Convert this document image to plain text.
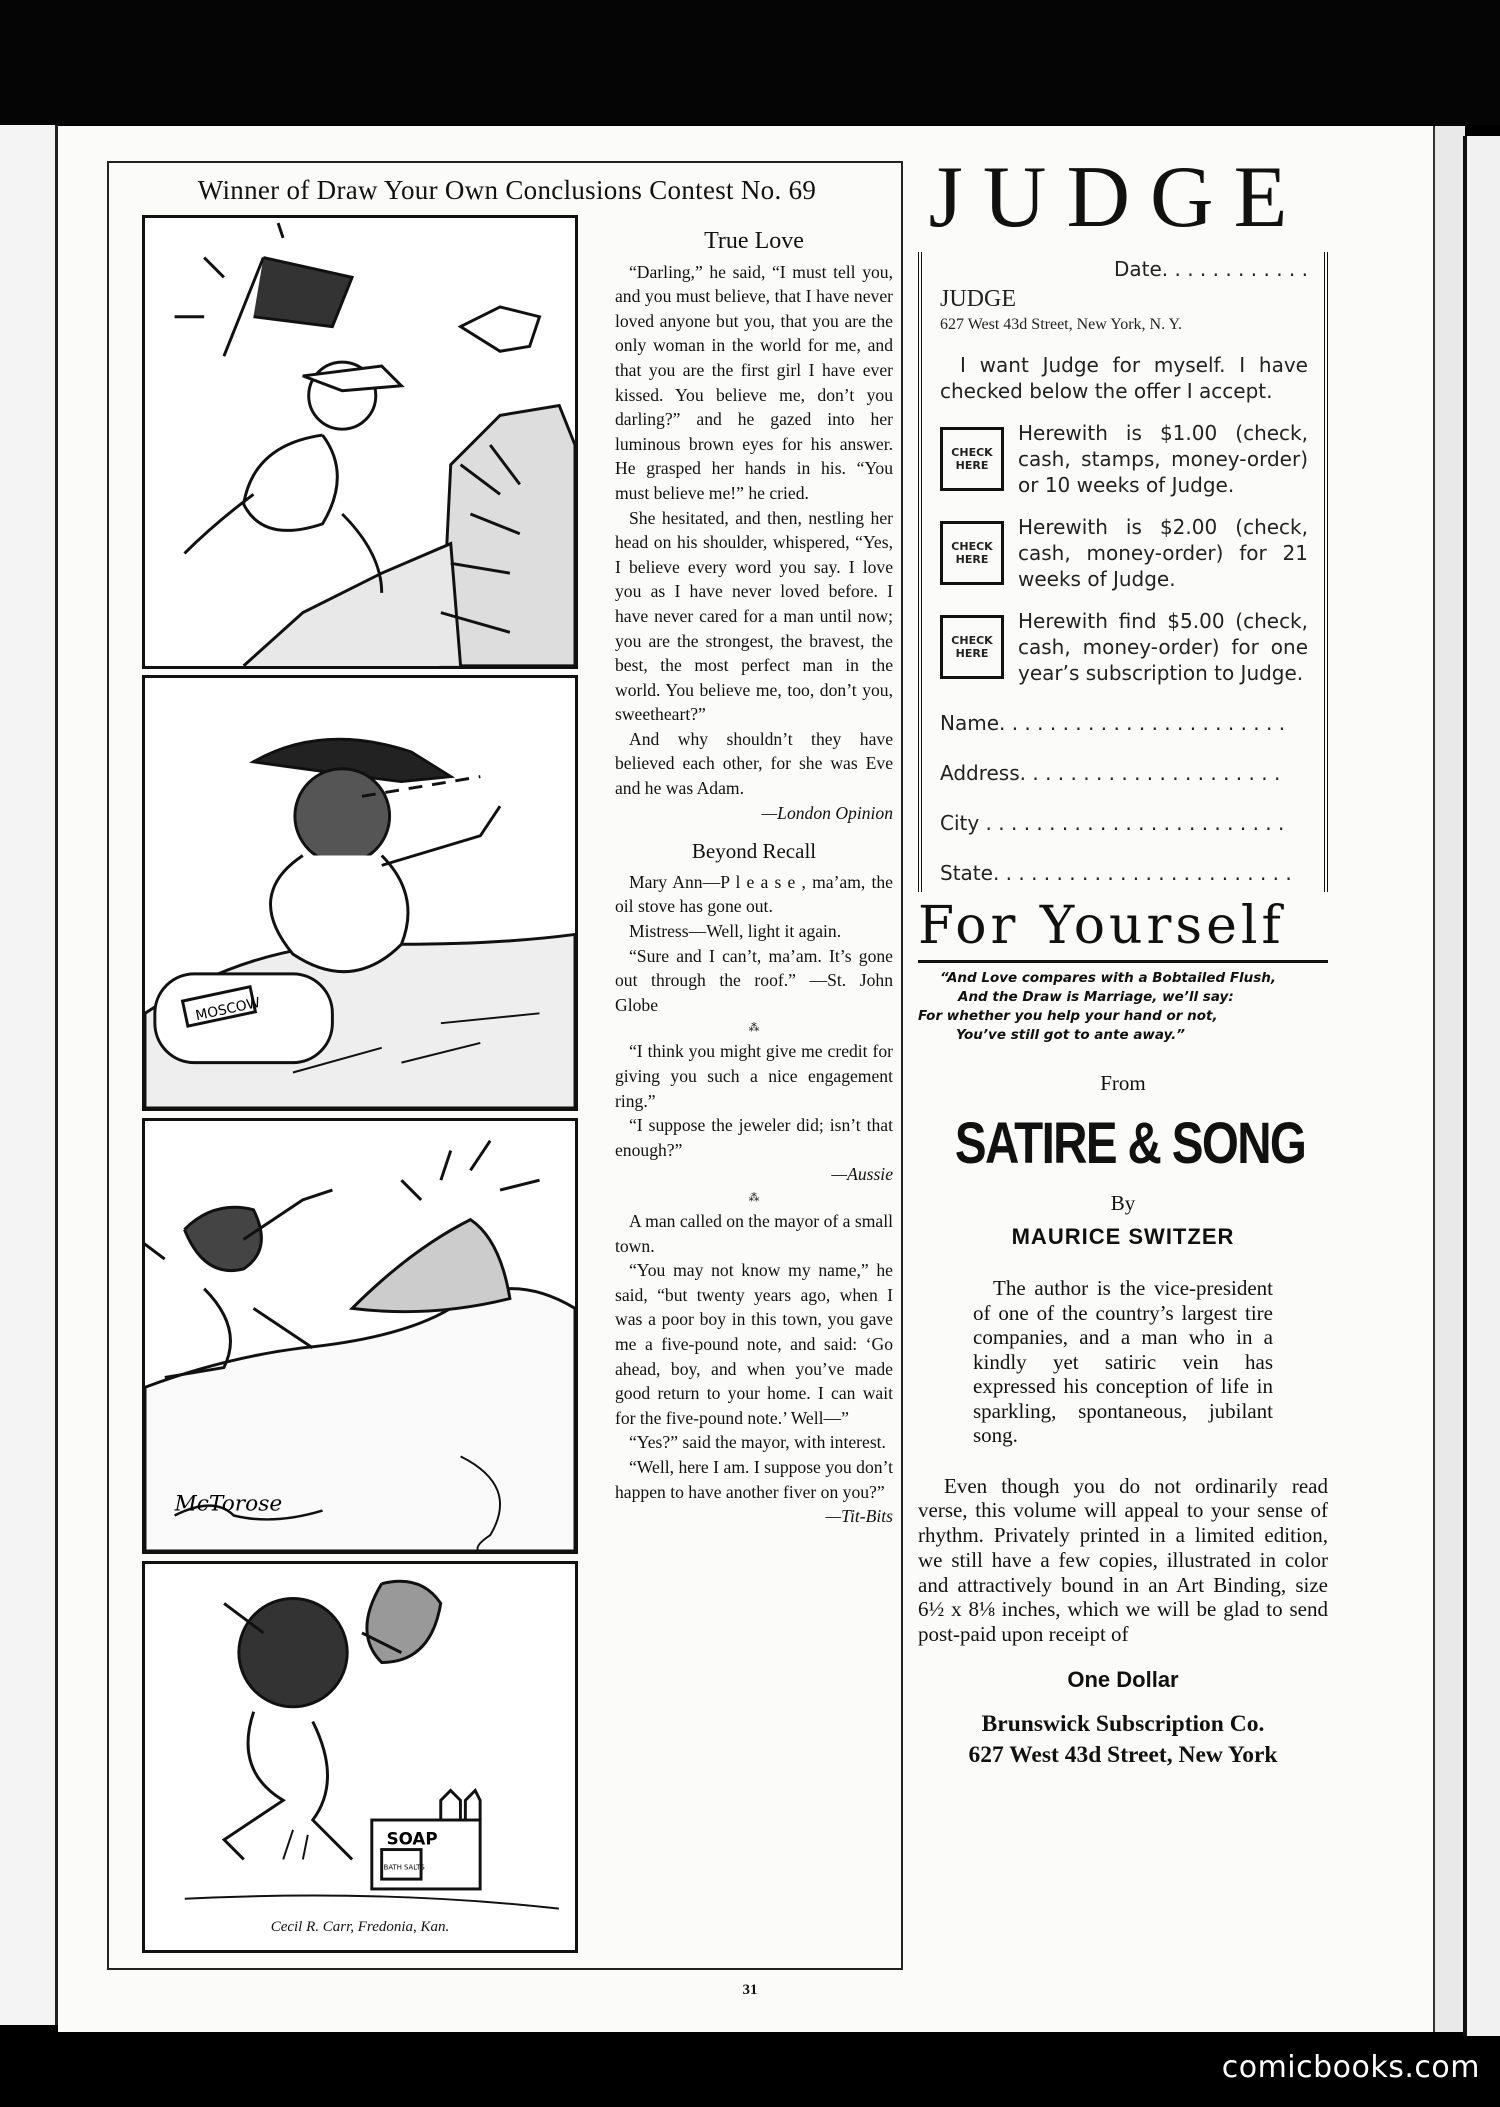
Winner of Draw Your Own Conclusions Contest No. 69
MOSCOW
McTorose
SOAP
BATH SALTS
Cecil R. Carr, Fredonia, Kan.

True Love

“Darling,” he said, “I must tell you, and you must believe, that I have never loved anyone but you, that you are the only woman in the world for me, and that you are the first girl I have ever kissed. You believe me, don’t you darling?” and he gazed into her luminous brown eyes for his answer. He grasped her hands in his. “You must believe me!” he cried.

She hesitated, and then, nestling her head on his shoulder, whispered, “Yes, I believe every word you say. I love you as I have never loved before. I have never cared for a man until now; you are the strongest, the bravest, the best, the most perfect man in the world. You believe me, too, don’t you, sweetheart?”

And why shouldn’t they have believed each other, for she was Eve and he was Adam.

—London Opinion

Beyond Recall

Mary Ann—P l e a s e , ma’am, the oil stove has gone out.

Mistress—Well, light it again.

“Sure and I can’t, ma’am. It’s gone out through the roof.” —St. John Globe

⁂

“I think you might give me credit for giving you such a nice engagement ring.”

“I suppose the jeweler did; isn’t that enough?”

—Aussie

⁂

A man called on the mayor of a small town.

“You may not know my name,” he said, “but twenty years ago, when I was a poor boy in this town, you gave me a five-pound note, and said: ‘Go ahead, boy, and when you’ve made good return to your home. I can wait for the five-pound note.’ Well—”

“Yes?” said the mayor, with interest.

“Well, here I am. I suppose you don’t happen to have another fiver on you?”

—Tit-Bits

31
JUDGE
Date. . . . . . . . . . . .
JUDGE
627 West 43d Street, New York, N. Y.
I want Judge for myself. I have checked below the offer I accept.
CHECK HERE
Herewith is $1.00 (check, cash, stamps, money-order) or 10 weeks of Judge.
CHECK HERE
Herewith is $2.00 (check, cash, money-order) for 21 weeks of Judge.
CHECK HERE
Herewith find $5.00 (check, cash, money-order) for one year’s subscription to Judge.
Name. . . . . . . . . . . . . . . . . . . . . . .
Address. . . . . . . . . . . . . . . . . . . . .
City . . . . . . . . . . . . . . . . . . . . . . . .
State. . . . . . . . . . . . . . . . . . . . . . . .
For Yourself
“And Love compares with a Bobtailed Flush,
And the Draw is Marriage, we’ll say:
For whether you help your hand or not,
You’ve still got to ante away.”
From
SATIRE & SONG
By
MAURICE SWITZER
The author is the vice-president of one of the country’s largest tire companies, and a man who in a kindly yet satiric vein has expressed his conception of life in sparkling, spontaneous, jubilant song.
Even though you do not ordinarily read verse, this volume will appeal to your sense of rhythm. Privately printed in a limited edition, we still have a few copies, illustrated in color and attractively bound in an Art Binding, size 6½ x 8⅛ inches, which we will be glad to send post-paid upon receipt of
One Dollar
Brunswick Subscription Co.
627 West 43d Street, New York
comicbooks.com
